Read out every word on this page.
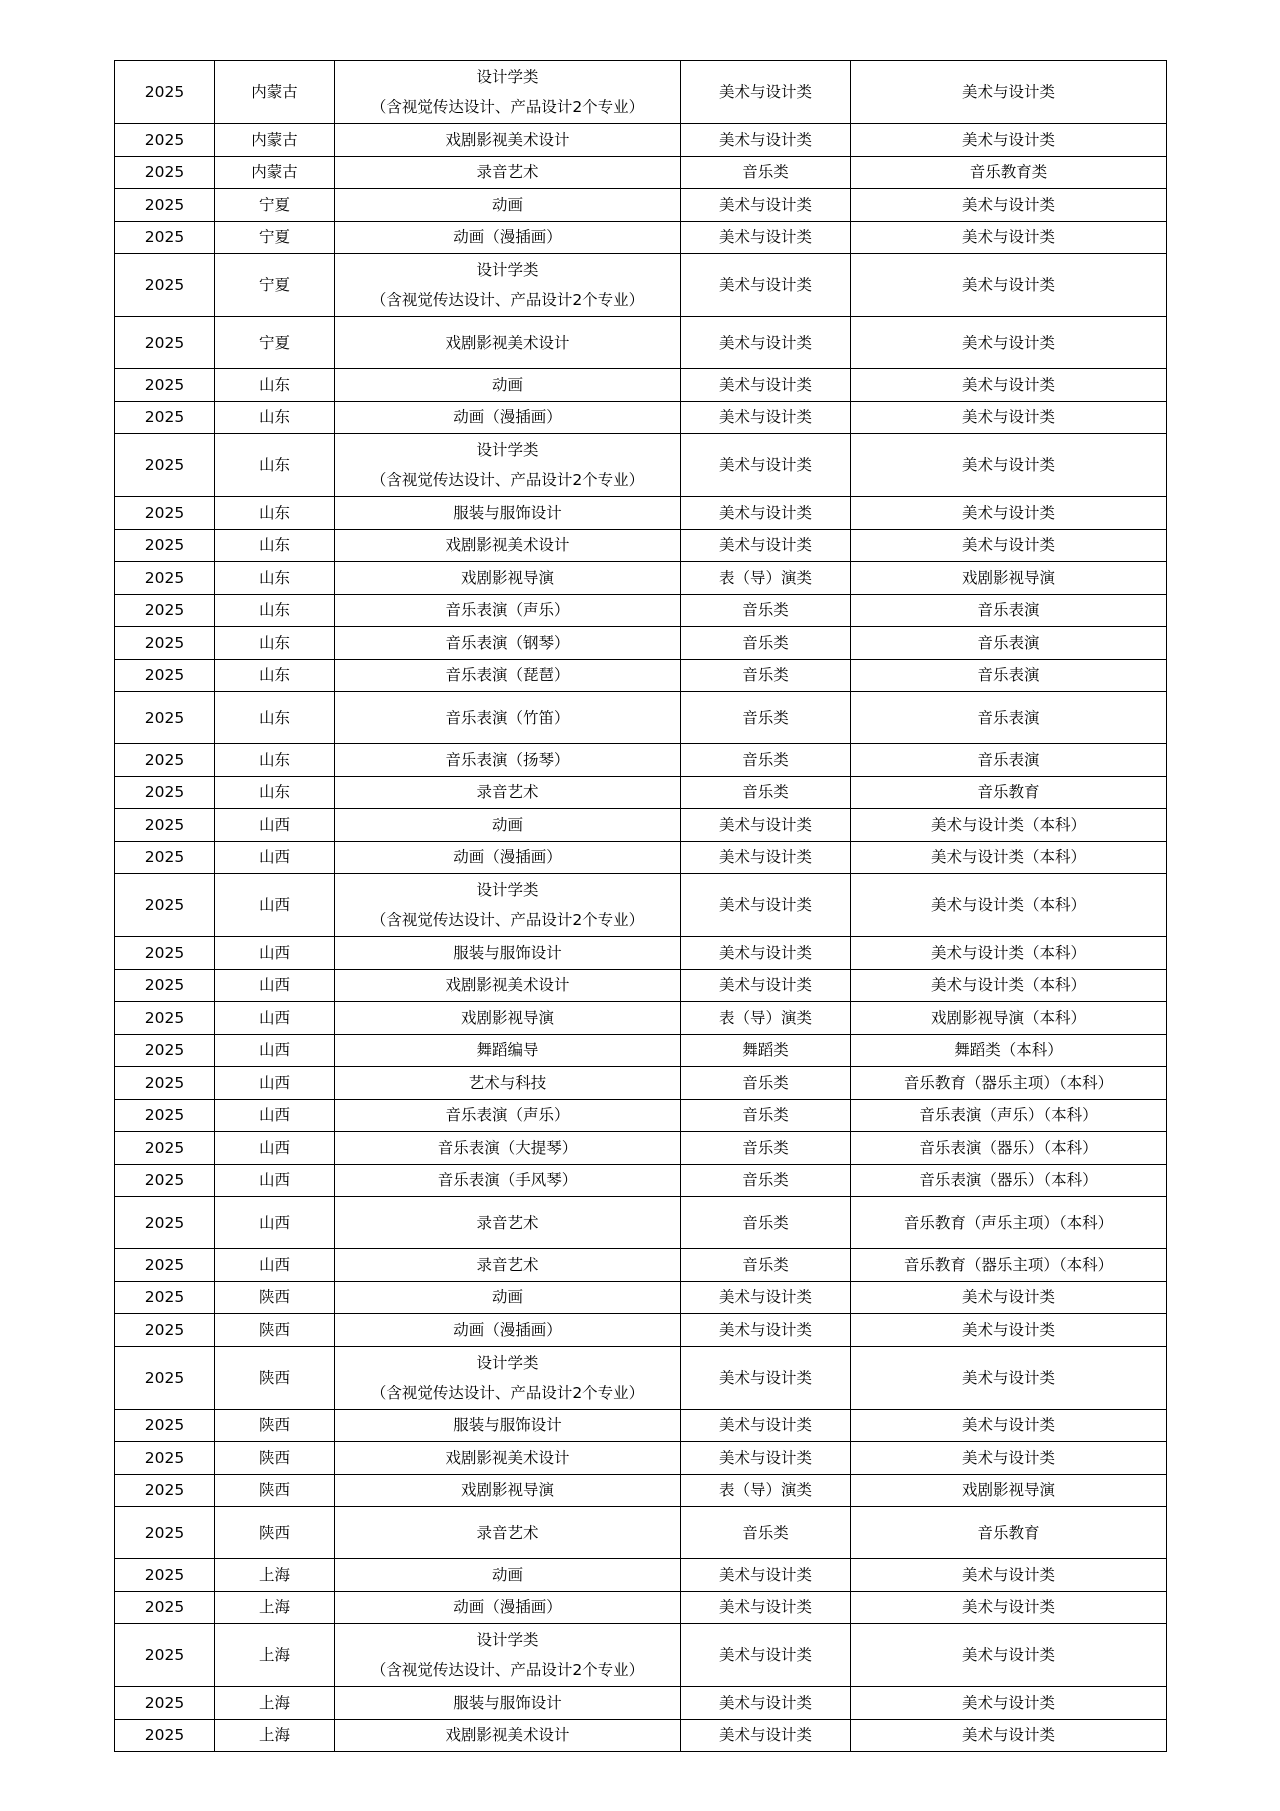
2025	内蒙古	设计学类
（含视觉传达设计、产品设计2个专业）	美术与设计类	美术与设计类
2025	内蒙古	戏剧影视美术设计	美术与设计类	美术与设计类
2025	内蒙古	录音艺术	音乐类	音乐教育类
2025	宁夏	动画	美术与设计类	美术与设计类
2025	宁夏	动画（漫插画）	美术与设计类	美术与设计类
2025	宁夏	设计学类
（含视觉传达设计、产品设计2个专业）	美术与设计类	美术与设计类
2025	宁夏	戏剧影视美术设计	美术与设计类	美术与设计类
2025	山东	动画	美术与设计类	美术与设计类
2025	山东	动画（漫插画）	美术与设计类	美术与设计类
2025	山东	设计学类
（含视觉传达设计、产品设计2个专业）	美术与设计类	美术与设计类
2025	山东	服装与服饰设计	美术与设计类	美术与设计类
2025	山东	戏剧影视美术设计	美术与设计类	美术与设计类
2025	山东	戏剧影视导演	表（导）演类	戏剧影视导演
2025	山东	音乐表演（声乐）	音乐类	音乐表演
2025	山东	音乐表演（钢琴）	音乐类	音乐表演
2025	山东	音乐表演（琵琶）	音乐类	音乐表演
2025	山东	音乐表演（竹笛）	音乐类	音乐表演
2025	山东	音乐表演（扬琴）	音乐类	音乐表演
2025	山东	录音艺术	音乐类	音乐教育
2025	山西	动画	美术与设计类	美术与设计类（本科）
2025	山西	动画（漫插画）	美术与设计类	美术与设计类（本科）
2025	山西	设计学类
（含视觉传达设计、产品设计2个专业）	美术与设计类	美术与设计类（本科）
2025	山西	服装与服饰设计	美术与设计类	美术与设计类（本科）
2025	山西	戏剧影视美术设计	美术与设计类	美术与设计类（本科）
2025	山西	戏剧影视导演	表（导）演类	戏剧影视导演（本科）
2025	山西	舞蹈编导	舞蹈类	舞蹈类（本科）
2025	山西	艺术与科技	音乐类	音乐教育（器乐主项）（本科）
2025	山西	音乐表演（声乐）	音乐类	音乐表演（声乐）（本科）
2025	山西	音乐表演（大提琴）	音乐类	音乐表演（器乐）（本科）
2025	山西	音乐表演（手风琴）	音乐类	音乐表演（器乐）（本科）
2025	山西	录音艺术	音乐类	音乐教育（声乐主项）（本科）
2025	山西	录音艺术	音乐类	音乐教育（器乐主项）（本科）
2025	陕西	动画	美术与设计类	美术与设计类
2025	陕西	动画（漫插画）	美术与设计类	美术与设计类
2025	陕西	设计学类
（含视觉传达设计、产品设计2个专业）	美术与设计类	美术与设计类
2025	陕西	服装与服饰设计	美术与设计类	美术与设计类
2025	陕西	戏剧影视美术设计	美术与设计类	美术与设计类
2025	陕西	戏剧影视导演	表（导）演类	戏剧影视导演
2025	陕西	录音艺术	音乐类	音乐教育
2025	上海	动画	美术与设计类	美术与设计类
2025	上海	动画（漫插画）	美术与设计类	美术与设计类
2025	上海	设计学类
（含视觉传达设计、产品设计2个专业）	美术与设计类	美术与设计类
2025	上海	服装与服饰设计	美术与设计类	美术与设计类
2025	上海	戏剧影视美术设计	美术与设计类	美术与设计类
